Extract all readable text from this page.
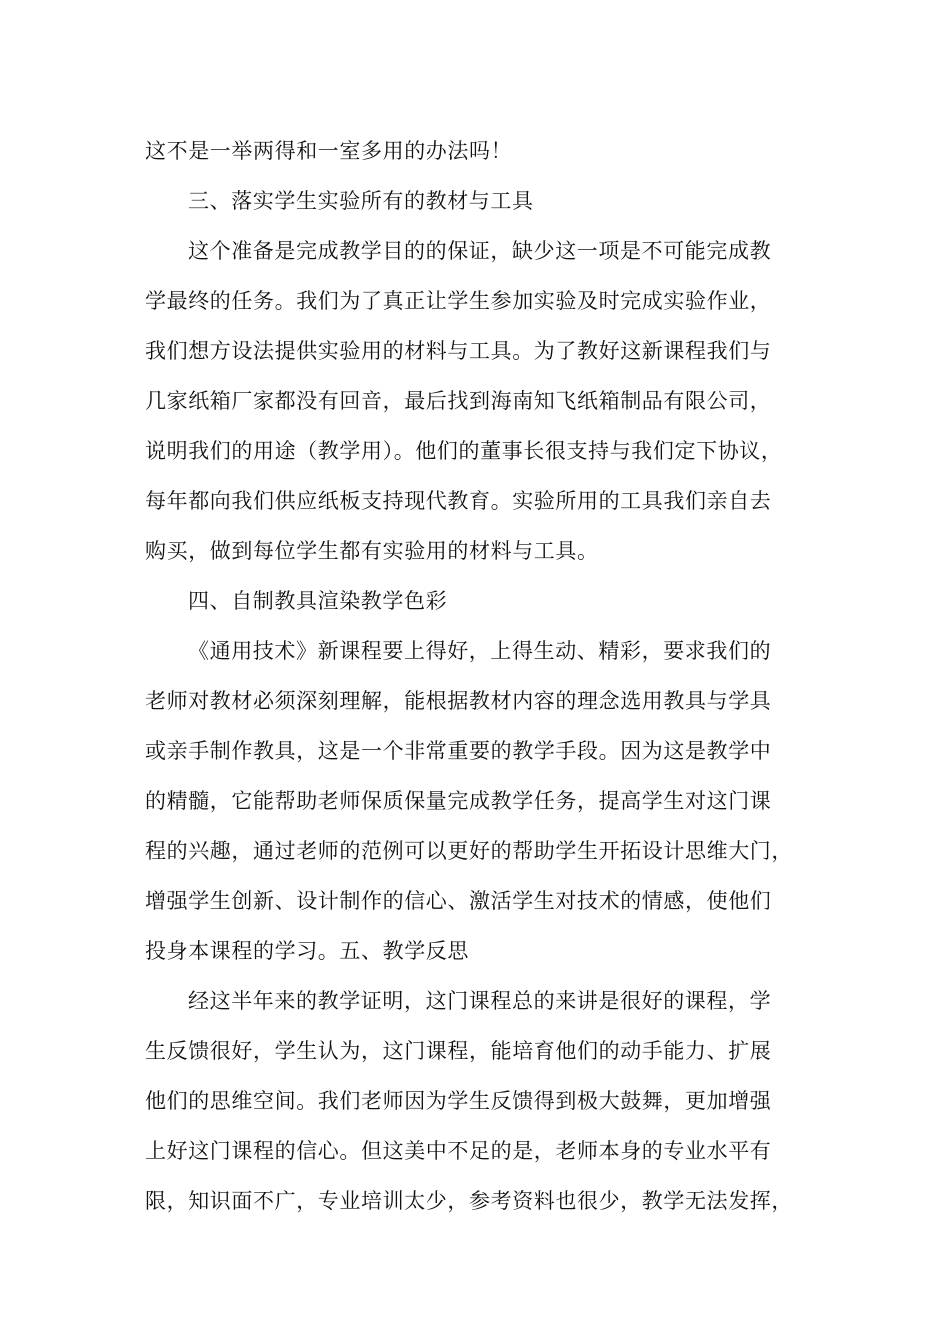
这不是一举两得和一室多用的办法吗！
三、落实学生实验所有的教材与工具
这个准备是完成教学目的的保证，缺少这一项是不可能完成教
学最终的任务。我们为了真正让学生参加实验及时完成实验作业，
我们想方设法提供实验用的材料与工具。为了教好这新课程我们与
几家纸箱厂家都没有回音，最后找到海南知飞纸箱制品有限公司，
说明我们的用途（教学用）。他们的董事长很支持与我们定下协议，
每年都向我们供应纸板支持现代教育。实验所用的工具我们亲自去
购买，做到每位学生都有实验用的材料与工具。
四、自制教具渲染教学色彩
《通用技术》新课程要上得好，上得生动、精彩，要求我们的
老师对教材必须深刻理解，能根据教材内容的理念选用教具与学具
或亲手制作教具，这是一个非常重要的教学手段。因为这是教学中
的精髓，它能帮助老师保质保量完成教学任务，提高学生对这门课
程的兴趣，通过老师的范例可以更好的帮助学生开拓设计思维大门，
增强学生创新、设计制作的信心、激活学生对技术的情感，使他们
投身本课程的学习。五、教学反思
经这半年来的教学证明，这门课程总的来讲是很好的课程，学
生反馈很好，学生认为，这门课程，能培育他们的动手能力、扩展
他们的思维空间。我们老师因为学生反馈得到极大鼓舞，更加增强
上好这门课程的信心。但这美中不足的是，老师本身的专业水平有
限，知识面不广，专业培训太少，参考资料也很少，教学无法发挥，
